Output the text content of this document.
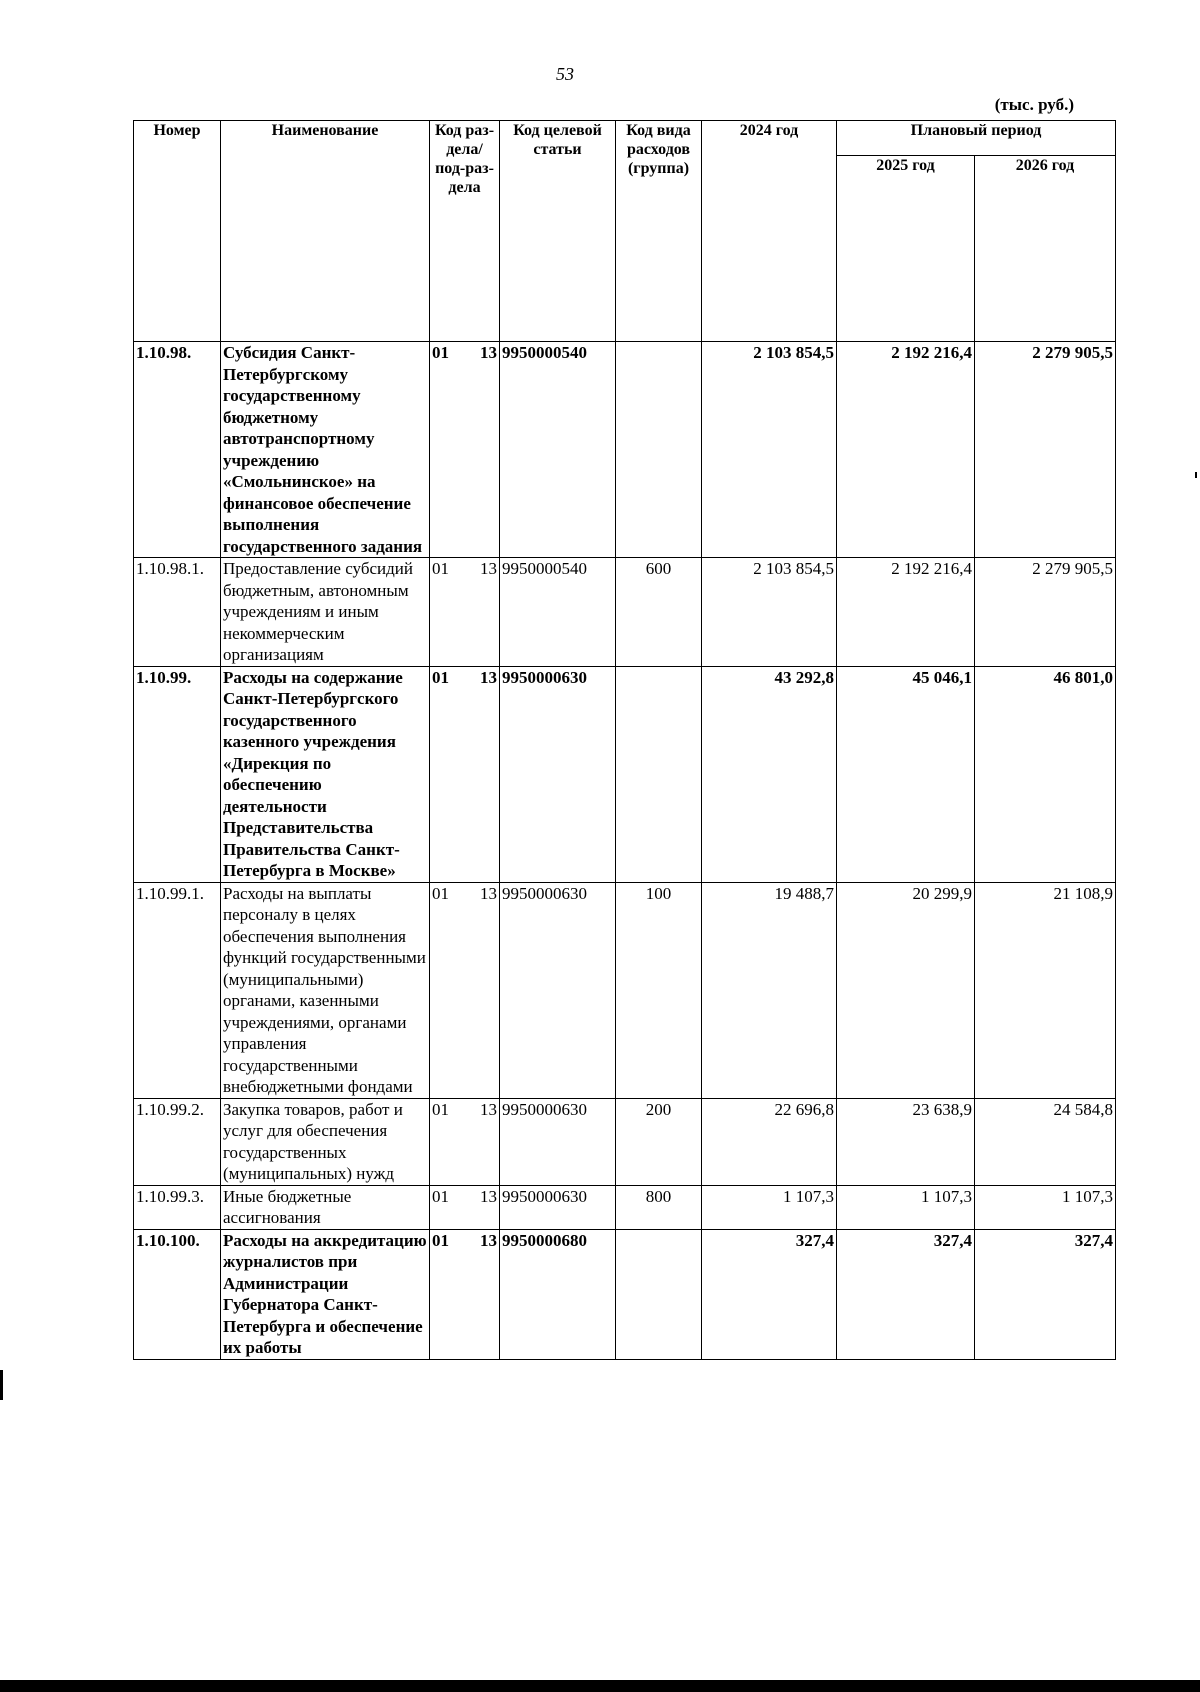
53
(тыс. руб.)
Номер	Наименование	Код раз-дела/ под-раз-дела	Код целевой статьи	Код вида расходов (группа)	2024 год	Плановый период	
						2025 год	2026 год
1.10.98.	Субсидия Санкт-Петербургскому государственному бюджетному автотранспортному учреждению «Смольнинское» на финансовое обеспечение выполнения государственного задания	01 13	9950000540		2 103 854,5	2 192 216,4	2 279 905,5
1.10.98.1.	Предоставление субсидий бюджетным, автономным учреждениям и иным некоммерческим организациям	01 13	9950000540	600	2 103 854,5	2 192 216,4	2 279 905,5
1.10.99.	Расходы на содержание Санкт-Петербургского государственного казенного учреждения «Дирекция по обеспечению деятельности Представительства Правительства Санкт-Петербурга в Москве»	01 13	9950000630		43 292,8	45 046,1	46 801,0
1.10.99.1.	Расходы на выплаты персоналу в целях обеспечения выполнения функций государственными (муниципальными) органами, казенными учреждениями, органами управления государственными внебюджетными фондами	01 13	9950000630	100	19 488,7	20 299,9	21 108,9
1.10.99.2.	Закупка товаров, работ и услуг для обеспечения государственных (муниципальных) нужд	01 13	9950000630	200	22 696,8	23 638,9	24 584,8
1.10.99.3.	Иные бюджетные ассигнования	01 13	9950000630	800	1 107,3	1 107,3	1 107,3
1.10.100.	Расходы на аккредитацию журналистов при Администрации Губернатора Санкт-Петербурга и обеспечение их работы	01 13	9950000680		327,4	327,4	327,4
